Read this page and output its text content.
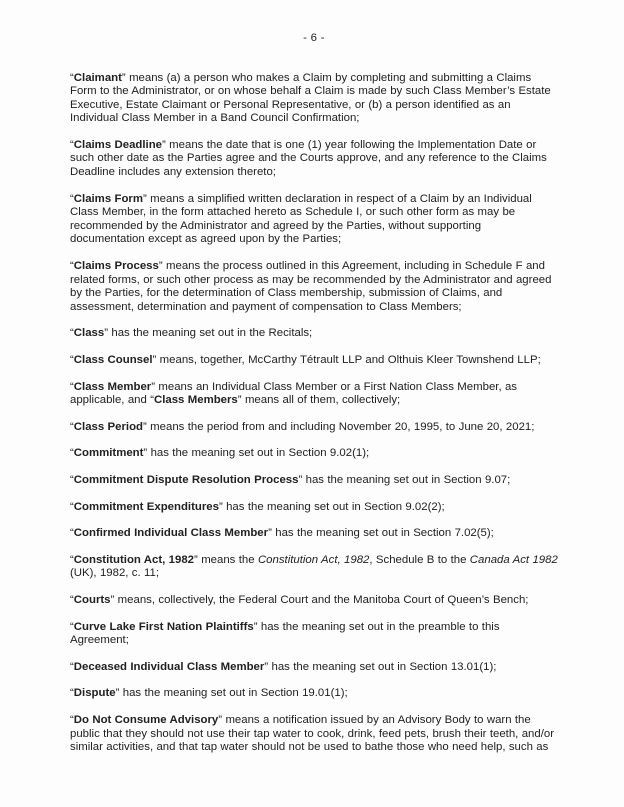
- 6 -

“Claimant” means (a) a person who makes a Claim by completing and submitting a Claims Form to the Administrator, or on whose behalf a Claim is made by such Class Member’s Estate Executive, Estate Claimant or Personal Representative, or (b) a person identified as an Individual Class Member in a Band Council Confirmation;

“Claims Deadline” means the date that is one (1) year following the Implementation Date or such other date as the Parties agree and the Courts approve, and any reference to the Claims Deadline includes any extension thereto;

“Claims Form” means a simplified written declaration in respect of a Claim by an Individual Class Member, in the form attached hereto as Schedule I, or such other form as may be recommended by the Administrator and agreed by the Parties, without supporting documentation except as agreed upon by the Parties;

“Claims Process” means the process outlined in this Agreement, including in Schedule F and related forms, or such other process as may be recommended by the Administrator and agreed by the Parties, for the determination of Class membership, submission of Claims, and assessment, determination and payment of compensation to Class Members;

“Class” has the meaning set out in the Recitals;

“Class Counsel” means, together, McCarthy Tétrault LLP and Olthuis Kleer Townshend LLP;

“Class Member” means an Individual Class Member or a First Nation Class Member, as applicable, and “Class Members” means all of them, collectively;

“Class Period” means the period from and including November 20, 1995, to June 20, 2021;

“Commitment” has the meaning set out in Section 9.02(1);

“Commitment Dispute Resolution Process” has the meaning set out in Section 9.07;

“Commitment Expenditures” has the meaning set out in Section 9.02(2);

“Confirmed Individual Class Member” has the meaning set out in Section 7.02(5);

“Constitution Act, 1982” means the Constitution Act, 1982, Schedule B to the Canada Act 1982 (UK), 1982, c. 11;

“Courts” means, collectively, the Federal Court and the Manitoba Court of Queen’s Bench;

“Curve Lake First Nation Plaintiffs” has the meaning set out in the preamble to this Agreement;

“Deceased Individual Class Member” has the meaning set out in Section 13.01(1);

“Dispute” has the meaning set out in Section 19.01(1);

“Do Not Consume Advisory” means a notification issued by an Advisory Body to warn the public that they should not use their tap water to cook, drink, feed pets, brush their teeth, and/or similar activities, and that tap water should not be used to bathe those who need help, such as
